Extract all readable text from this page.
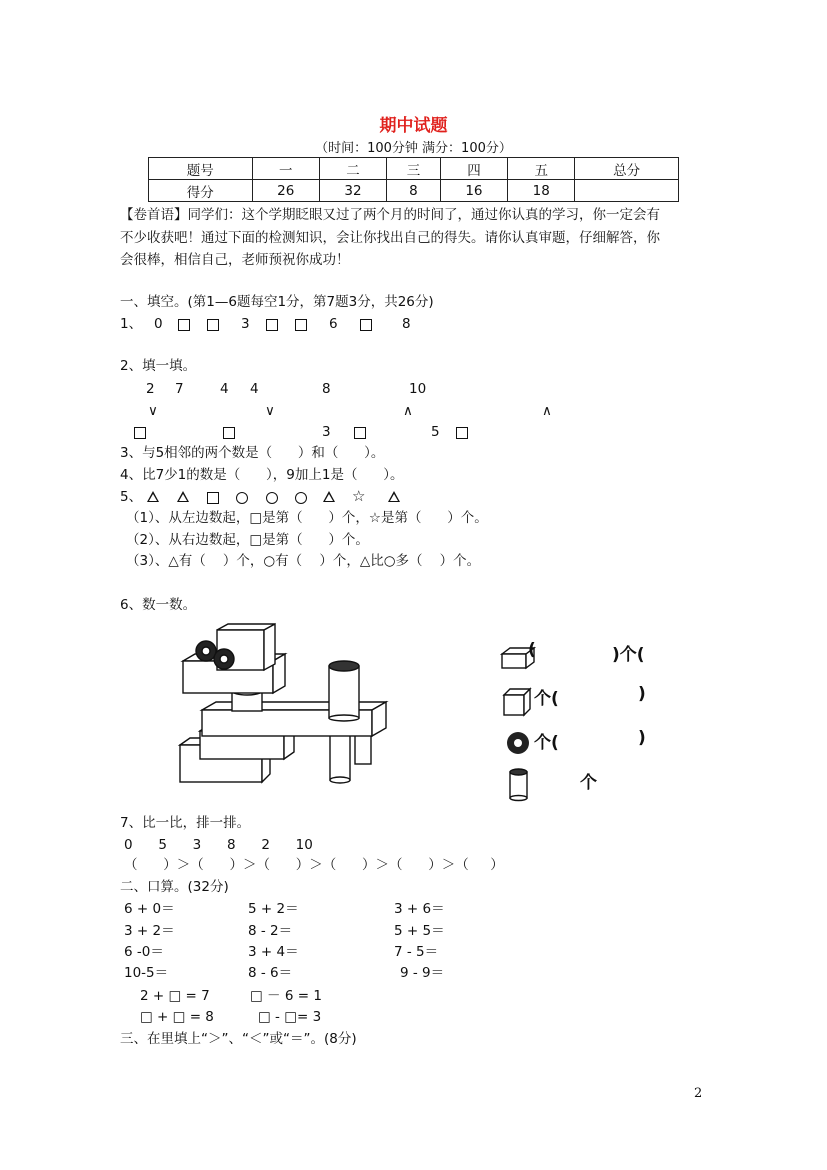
期中试题
（时间：100分钟 满分：100分）
题号	一	二	三	四	五	总分
得分	26	32	8	16	18	
【卷首语】同学们：这个学期眨眼又过了两个月的时间了，通过你认真的学习，你一定会有
不少收获吧！通过下面的检测知识，会让你找出自己的得失。请你认真审题，仔细解答，你
会很棒，相信自己，老师预祝你成功！
一、填空。(第1—6题每空1分，第7题3分，共26分)
1、 0	3	6	8
2、填一填。
2 7	4 4	8	10
∨	∨	∧	∧
3	5
3、与5相邻的两个数是（      ）和（      ）。
4、比7少1的数是（      ），9加上1是（      ）。
5、	☆
（1）、从左边数起，□是第（      ）个，☆是第（      ）个。
（2）、从右边数起，□是第（      ）个。
（3）、△有（    ）个，○有（    ）个，△比○多（    ）个。
6、数一数。
(	)个(
个(	)
个(	)
个
7、比一比，排一排。
0      5      3      8      2      10
（      ）＞（      ）＞（      ）＞（      ）＞（      ）＞（     ）
二、口算。(32分)
6 + 0＝	5 + 2＝	3 + 6＝
3 + 2＝	8 - 2＝	5 + 5＝
6 -0＝	3 + 4＝	7 - 5＝
10-5＝	8 - 6＝	9 - 9＝
2 + □ = 7	□ － 6 = 1
□ + □ = 8	□ - □= 3
三、在里填上“＞”、“＜”或“＝”。(8分)
2
